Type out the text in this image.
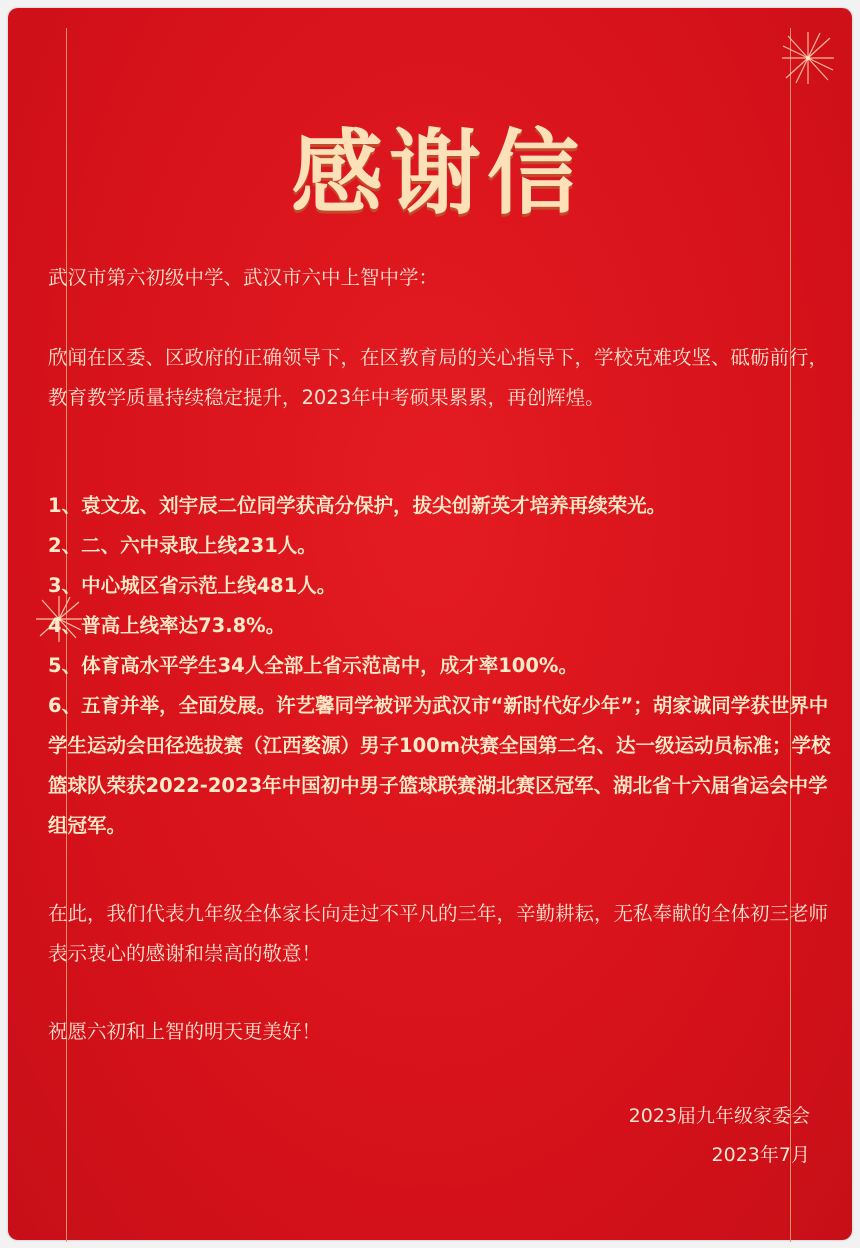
感谢信

武汉市第六初级中学、武汉市六中上智中学：

欣闻在区委、区政府的正确领导下，在区教育局的关心指导下，学校克难攻坚、砥砺前行，教育教学质量持续稳定提升，2023年中考硕果累累，再创辉煌。

1、袁文龙、刘宇辰二位同学获高分保护，拔尖创新英才培养再续荣光。

2、二、六中录取上线231人。

3、中心城区省示范上线481人。

4、普高上线率达73.8%。

5、体育高水平学生34人全部上省示范高中，成才率100%。

6、五育并举，全面发展。许艺馨同学被评为武汉市“新时代好少年”；胡家诚同学获世界中学生运动会田径选拔赛（江西婺源）男子100m决赛全国第二名、达一级运动员标准；学校篮球队荣获2022-2023年中国初中男子篮球联赛湖北赛区冠军、湖北省十六届省运会中学组冠军。

在此，我们代表九年级全体家长向走过不平凡的三年，辛勤耕耘，无私奉献的全体初三老师表示衷心的感谢和崇高的敬意！

祝愿六初和上智的明天更美好！

2023届九年级家委会

2023年7月
